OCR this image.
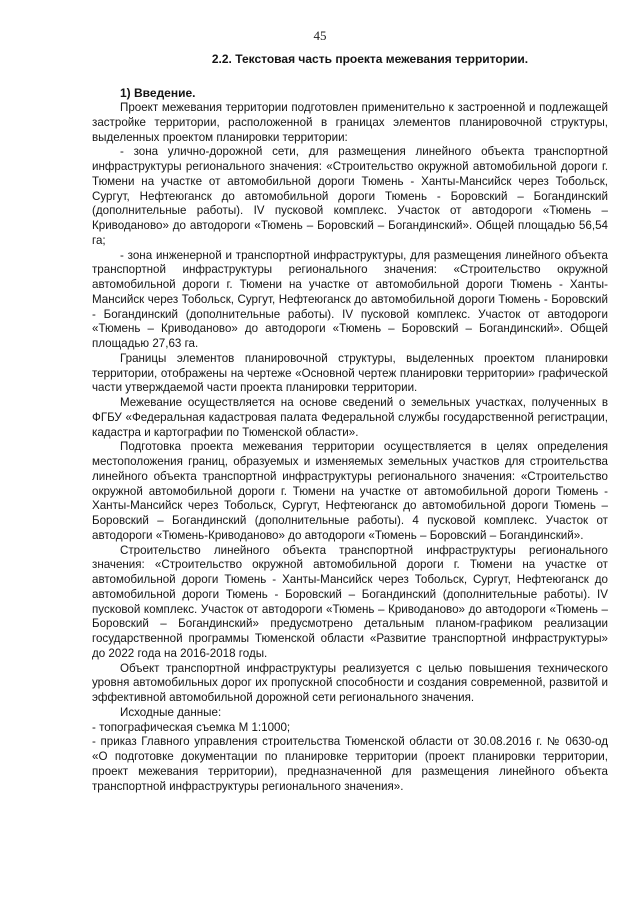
45

2.2. Текстовая часть проекта межевания территории.

1) Введение.

Проект межевания территории подготовлен применительно к застроенной и подлежащей застройке территории, расположенной в границах элементов планировочной структуры, выделенных проектом планировки территории:

- зона улично-дорожной сети, для размещения линейного объекта транспортной инфраструктуры регионального значения: «Строительство окружной автомобильной дороги г. Тюмени на участке от автомобильной дороги Тюмень - Ханты-Мансийск через Тобольск, Сургут, Нефтеюганск до автомобильной дороги Тюмень - Боровский – Богандинский (дополнительные работы). IV пусковой комплекс. Участок от автодороги «Тюмень – Криводаново» до автодороги «Тюмень – Боровский – Богандинский». Общей площадью 56,54 га;

- зона инженерной и транспортной инфраструктуры, для размещения линейного объекта транспортной инфраструктуры регионального значения: «Строительство окружной автомобильной дороги г. Тюмени на участке от автомобильной дороги Тюмень - Ханты-Мансийск через Тобольск, Сургут, Нефтеюганск до автомобильной дороги Тюмень - Боровский - Богандинский (дополнительные работы). IV пусковой комплекс. Участок от автодороги «Тюмень – Криводаново» до автодороги «Тюмень – Боровский – Богандинский». Общей площадью 27,63 га.

Границы элементов планировочной структуры, выделенных проектом планировки территории, отображены на чертеже «Основной чертеж планировки территории» графической части утверждаемой части проекта планировки территории.

Межевание осуществляется на основе сведений о земельных участках, полученных в ФГБУ «Федеральная кадастровая палата Федеральной службы государственной регистрации, кадастра и картографии по Тюменской области».

Подготовка проекта межевания территории осуществляется в целях определения местоположения границ, образуемых и изменяемых земельных участков для строительства линейного объекта транспортной инфраструктуры регионального значения: «Строительство окружной автомобильной дороги г. Тюмени на участке от автомобильной дороги Тюмень - Ханты-Мансийск через Тобольск, Сургут, Нефтеюганск до автомобильной дороги Тюмень – Боровский – Богандинский (дополнительные работы). 4 пусковой комплекс. Участок от автодороги «Тюмень-Криводаново» до автодороги «Тюмень – Боровский – Богандинский».

Строительство линейного объекта транспортной инфраструктуры регионального значения: «Строительство окружной автомобильной дороги г. Тюмени на участке от автомобильной дороги Тюмень - Ханты-Мансийск через Тобольск, Сургут, Нефтеюганск до автомобильной дороги Тюмень - Боровский – Богандинский (дополнительные работы). IV пусковой комплекс. Участок от автодороги «Тюмень – Криводаново» до автодороги «Тюмень – Боровский – Богандинский» предусмотрено детальным планом-графиком реализации государственной программы Тюменской области «Развитие транспортной инфраструктуры» до 2022 года на 2016-2018 годы.

Объект транспортной инфраструктуры реализуется с целью повышения технического уровня автомобильных дорог их пропускной способности и создания современной, развитой и эффективной автомобильной дорожной сети регионального значения.

Исходные данные:

- топографическая съемка М 1:1000;

- приказ Главного управления строительства Тюменской области от 30.08.2016 г. № 0630-од «О подготовке документации по планировке территории (проект планировки территории, проект межевания территории), предназначенной для размещения линейного объекта транспортной инфраструктуры регионального значения».
